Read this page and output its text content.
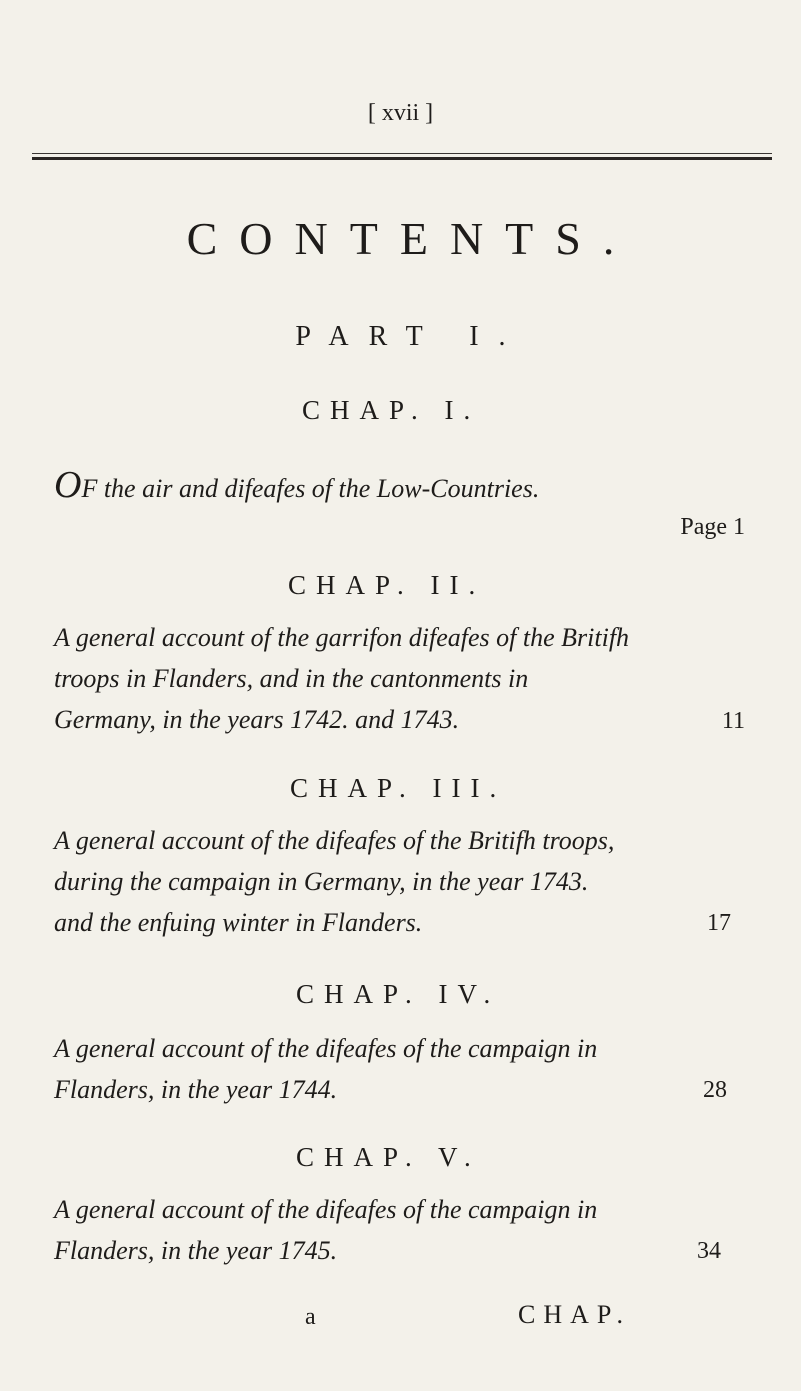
[ xvii ]
CONTENTS.
PART I.
CHAP. I.
OF the air and difeafes of the Low-Countries.
Page 1
CHAP. II.
A general account of the garrifon difeafes of the Britifh
troops in Flanders, and in the cantonments in
Germany, in the years 1742. and 1743.	11
CHAP. III.
A general account of the difeafes of the Britifh troops,
during the campaign in Germany, in the year 1743.
and the enfuing winter in Flanders.	17
CHAP. IV.
A general account of the difeafes of the campaign in
Flanders, in the year 1744.	28
CHAP. V.
A general account of the difeafes of the campaign in
Flanders, in the year 1745.	34
a	CHAP.
